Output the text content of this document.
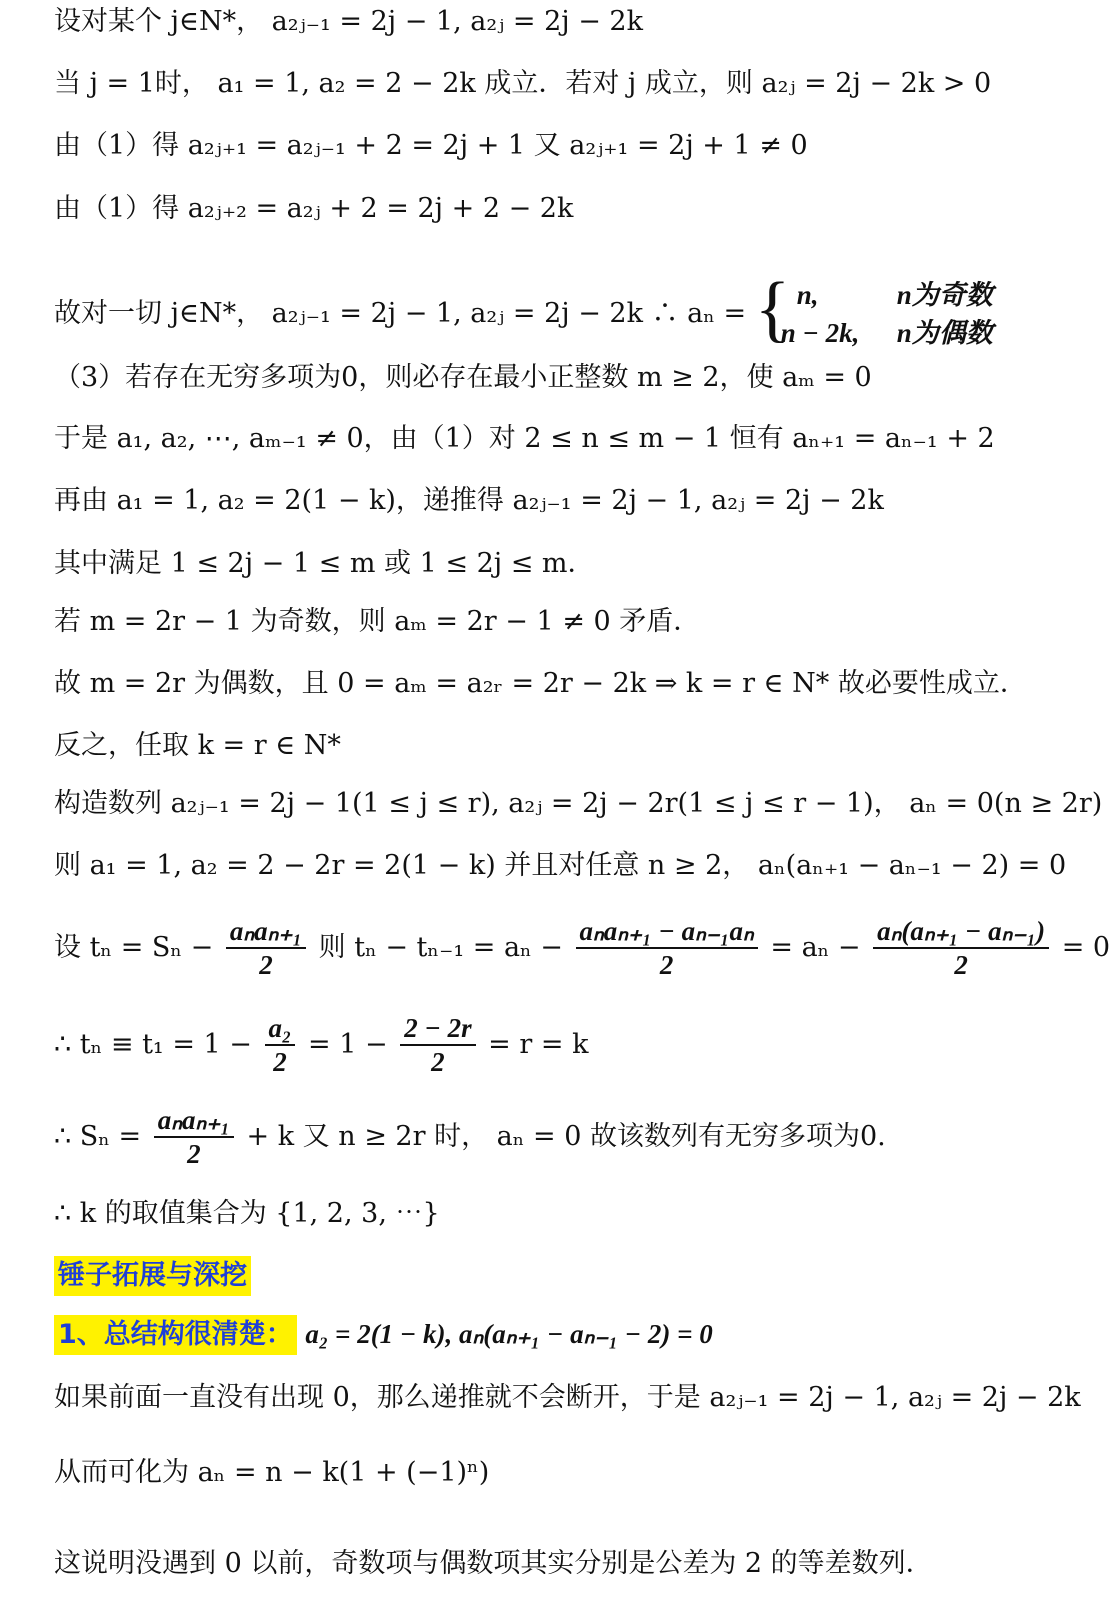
设对某个 j∈N*， a₂ⱼ₋₁ = 2j − 1, a₂ⱼ = 2j − 2k
当 j = 1时， a₁ = 1, a₂ = 2 − 2k 成立．若对 j 成立，则 a₂ⱼ = 2j − 2k > 0
由（1）得 a₂ⱼ₊₁ = a₂ⱼ₋₁ + 2 = 2j + 1 又 a₂ⱼ₊₁ = 2j + 1 ≠ 0
由（1）得 a₂ⱼ₊₂ = a₂ⱼ + 2 = 2j + 2 − 2k
故对一切 j∈N*， a₂ⱼ₋₁ = 2j − 1, a₂ⱼ = 2j − 2k ∴ aₙ = { n,	n为奇数
n − 2k, n为偶数
（3）若存在无穷多项为0，则必存在最小正整数 m ≥ 2，使 aₘ = 0
于是 a₁, a₂, ⋯, aₘ₋₁ ≠ 0，由（1）对 2 ≤ n ≤ m − 1 恒有 aₙ₊₁ = aₙ₋₁ + 2
再由 a₁ = 1, a₂ = 2(1 − k)，递推得 a₂ⱼ₋₁ = 2j − 1, a₂ⱼ = 2j − 2k
其中满足 1 ≤ 2j − 1 ≤ m 或 1 ≤ 2j ≤ m．
若 m = 2r − 1 为奇数，则 aₘ = 2r − 1 ≠ 0 矛盾．
故 m = 2r 为偶数，且 0 = aₘ = a₂ᵣ = 2r − 2k ⇒ k = r ∈ N* 故必要性成立．
反之，任取 k = r ∈ N*
构造数列 a₂ⱼ₋₁ = 2j − 1(1 ≤ j ≤ r), a₂ⱼ = 2j − 2r(1 ≤ j ≤ r − 1)， aₙ = 0(n ≥ 2r)
则 a₁ = 1, a₂ = 2 − 2r = 2(1 − k) 并且对任意 n ≥ 2， aₙ(aₙ₊₁ − aₙ₋₁ − 2) = 0
设 $t_n = S_n - \frac{\text{aₙaₙ₊₁}}{2}$ 则 $t_n - t_{n-1} = a_n - \frac{\text{aₙaₙ₊₁ − aₙ₋₁aₙ}}{2} = a_n - \frac{\text{aₙ(aₙ₊₁ − aₙ₋₁)}}{2} = 0$
∴ $t_n \equiv t_1 = 1 - \frac{\text{a₂}}{2} = 1 - \frac{2 - 2r}{2} = r = k$
∴ $S_n = \frac{\text{aₙaₙ₊₁}}{2} + k$ 又 n ≥ 2r 时， aₙ = 0 故该数列有无穷多项为0.
∴ k 的取值集合为 {1, 2, 3, ⋯}
锤子拓展与深挖
1、总结构很清楚： a₂ = 2(1 − k), aₙ(aₙ₊₁ − aₙ₋₁ − 2) = 0
如果前面一直没有出现 0，那么递推就不会断开，于是 a₂ⱼ₋₁ = 2j − 1, a₂ⱼ = 2j − 2k
从而可化为 aₙ = n − k(1 + (−1)ⁿ)
这说明没遇到 0 以前，奇数项与偶数项其实分别是公差为 2 的等差数列．
